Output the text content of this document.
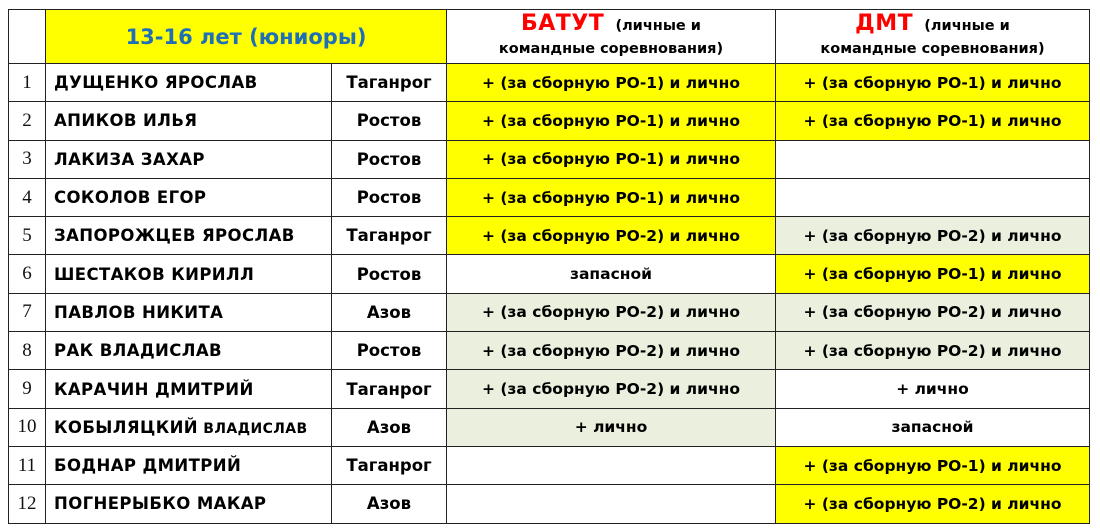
	13-16 лет (юниоры)		БАТУТ (личные и
командные соревнования)	ДМТ (личные и
командные соревнования)
1	ДУЩЕНКО ЯРОСЛАВ	Таганрог	+ (за сборную РО-1) и лично	+ (за сборную РО-1) и лично
2	АПИКОВ ИЛЬЯ	Ростов	+ (за сборную РО-1) и лично	+ (за сборную РО-1) и лично
3	ЛАКИЗА ЗАХАР	Ростов	+ (за сборную РО-1) и лично	
4	СОКОЛОВ ЕГОР	Ростов	+ (за сборную РО-1) и лично	
5	ЗАПОРОЖЦЕВ ЯРОСЛАВ	Таганрог	+ (за сборную РО-2) и лично	+ (за сборную РО-2) и лично
6	ШЕСТАКОВ КИРИЛЛ	Ростов	запасной	+ (за сборную РО-1) и лично
7	ПАВЛОВ НИКИТА	Азов	+ (за сборную РО-2) и лично	+ (за сборную РО-2) и лично
8	РАК ВЛАДИСЛАВ	Ростов	+ (за сборную РО-2) и лично	+ (за сборную РО-2) и лично
9	КАРАЧИН ДМИТРИЙ	Таганрог	+ (за сборную РО-2) и лично	+ лично
10	КОБЫЛЯЦКИЙ ВЛАДИСЛАВ	Азов	+ лично	запасной
11	БОДНАР ДМИТРИЙ	Таганрог		+ (за сборную РО-1) и лично
12	ПОГНЕРЫБКО МАКАР	Азов		+ (за сборную РО-2) и лично
